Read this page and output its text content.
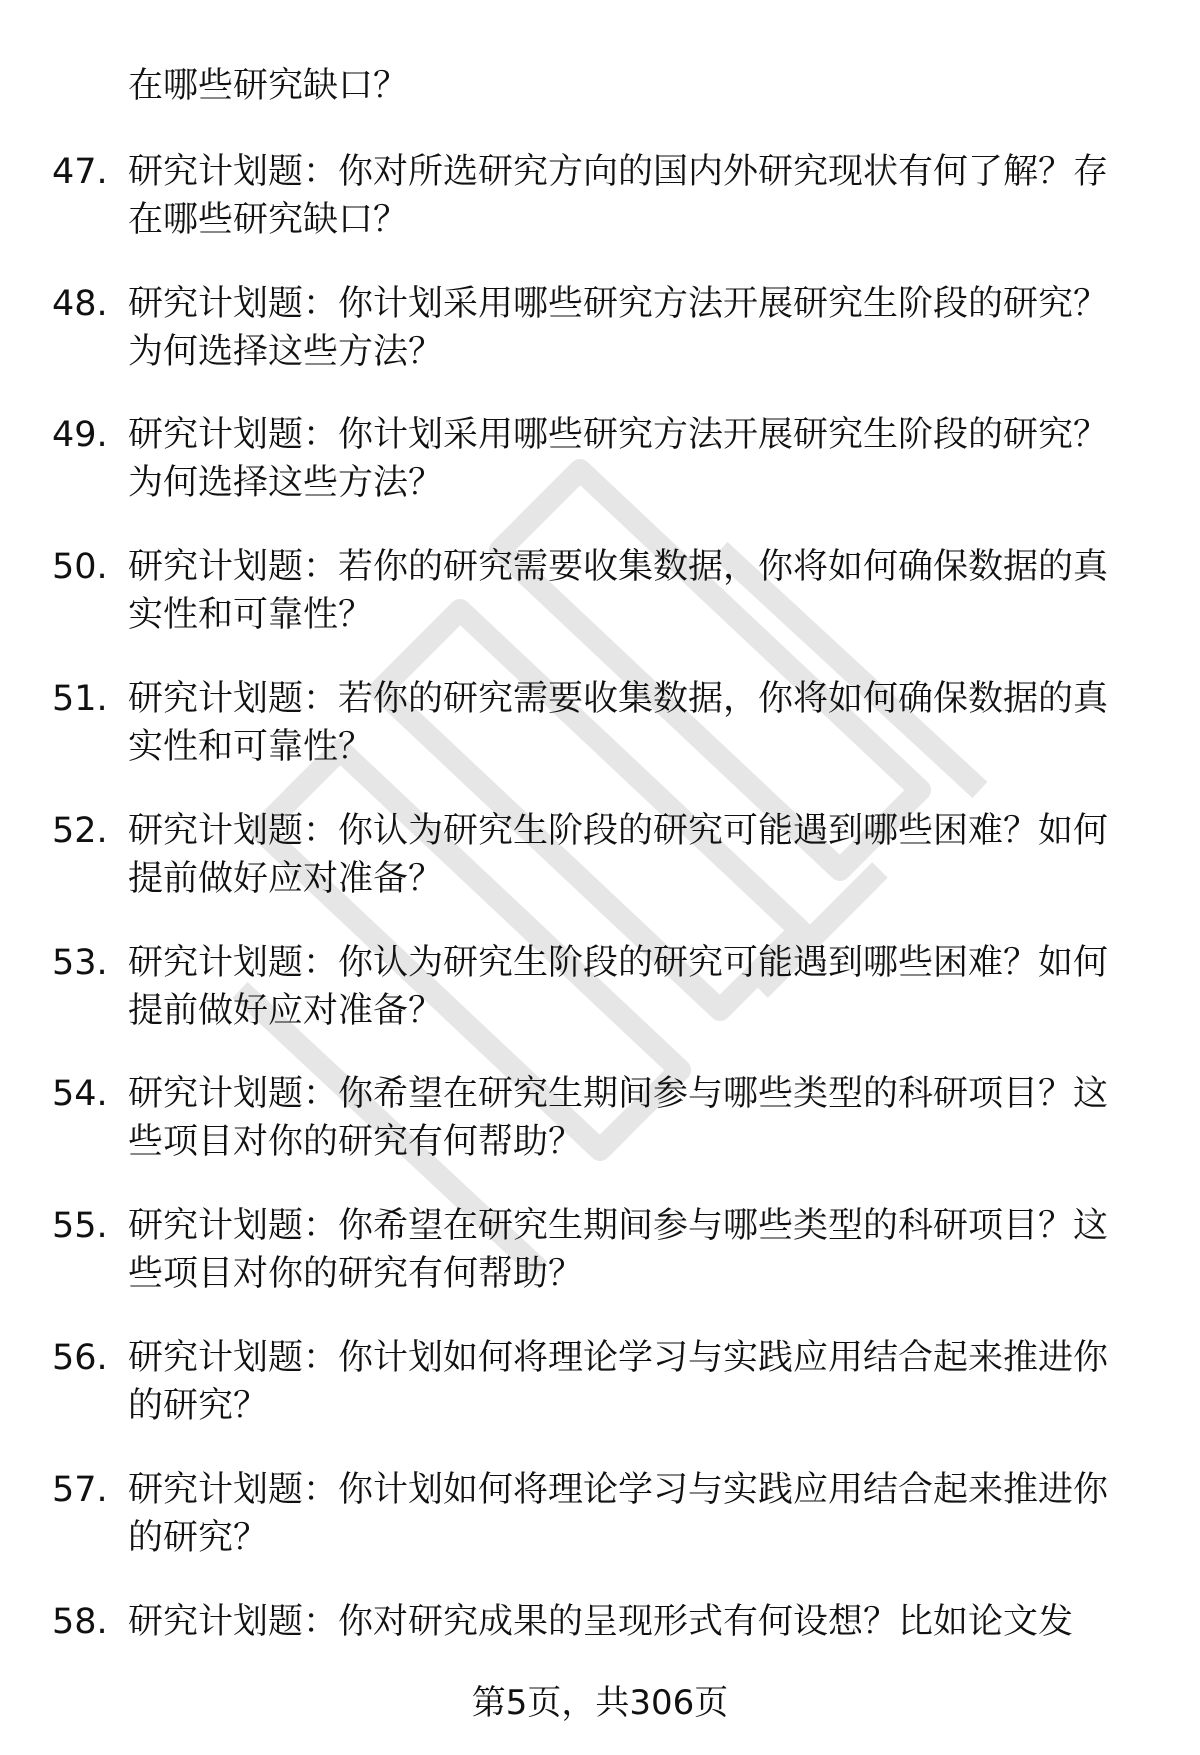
在哪些研究缺口？
47. 研究计划题：你对所选研究方向的国内外研究现状有何了解？存
在哪些研究缺口？
48. 研究计划题：你计划采用哪些研究方法开展研究生阶段的研究？
为何选择这些方法？
49. 研究计划题：你计划采用哪些研究方法开展研究生阶段的研究？
为何选择这些方法？
50. 研究计划题：若你的研究需要收集数据，你将如何确保数据的真
实性和可靠性？
51. 研究计划题：若你的研究需要收集数据，你将如何确保数据的真
实性和可靠性？
52. 研究计划题：你认为研究生阶段的研究可能遇到哪些困难？如何
提前做好应对准备？
53. 研究计划题：你认为研究生阶段的研究可能遇到哪些困难？如何
提前做好应对准备？
54. 研究计划题：你希望在研究生期间参与哪些类型的科研项目？这
些项目对你的研究有何帮助？
55. 研究计划题：你希望在研究生期间参与哪些类型的科研项目？这
些项目对你的研究有何帮助？
56. 研究计划题：你计划如何将理论学习与实践应用结合起来推进你
的研究？
57. 研究计划题：你计划如何将理论学习与实践应用结合起来推进你
的研究？
58. 研究计划题：你对研究成果的呈现形式有何设想？比如论文发
第5页，共306页
